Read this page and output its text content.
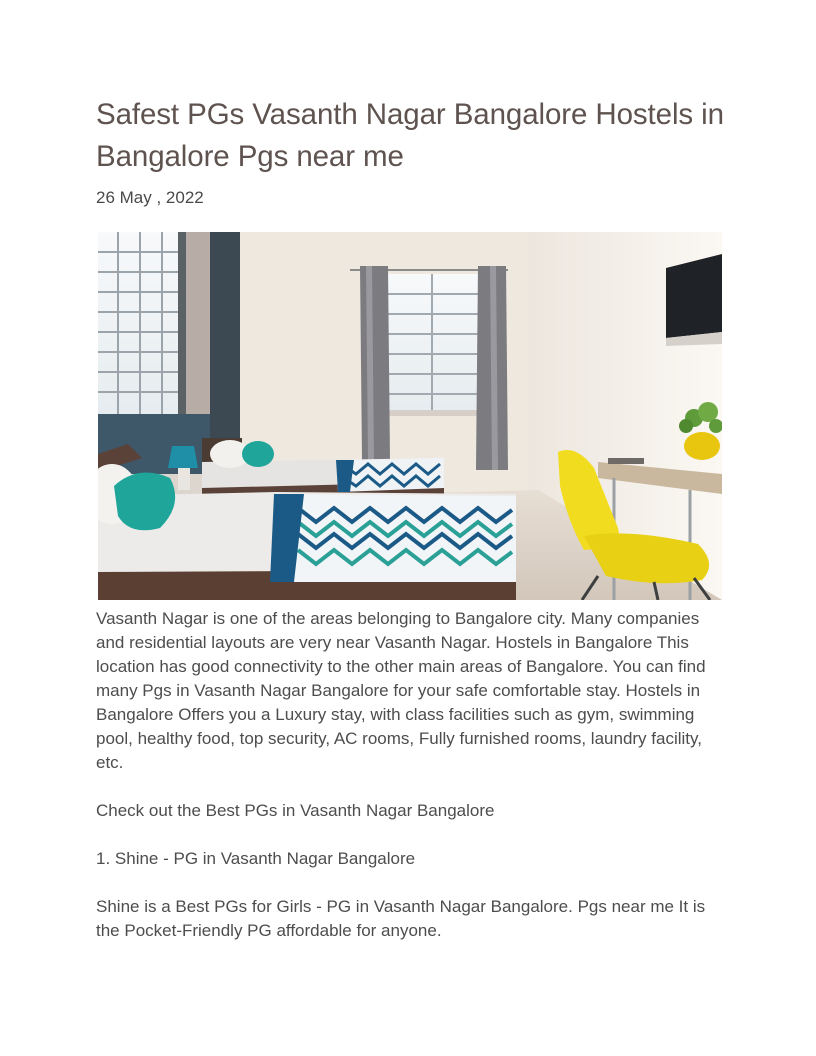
Safest PGs Vasanth Nagar Bangalore Hostels in Bangalore Pgs near me
26 May , 2022

Vasanth Nagar is one of the areas belonging to Bangalore city. Many companies and residential layouts are very near Vasanth Nagar. Hostels in Bangalore This location has good connectivity to the other main areas of Bangalore. You can find many Pgs in Vasanth Nagar Bangalore for your safe comfortable stay. Hostels in Bangalore Offers you a Luxury stay, with class facilities such as gym, swimming pool, healthy food, top security, AC rooms, Fully furnished rooms, laundry facility, etc.

Check out the Best PGs in Vasanth Nagar Bangalore

1. Shine - PG in Vasanth Nagar Bangalore

Shine is a Best PGs for Girls - PG in Vasanth Nagar Bangalore. Pgs near me It is the Pocket-Friendly PG affordable for anyone.
